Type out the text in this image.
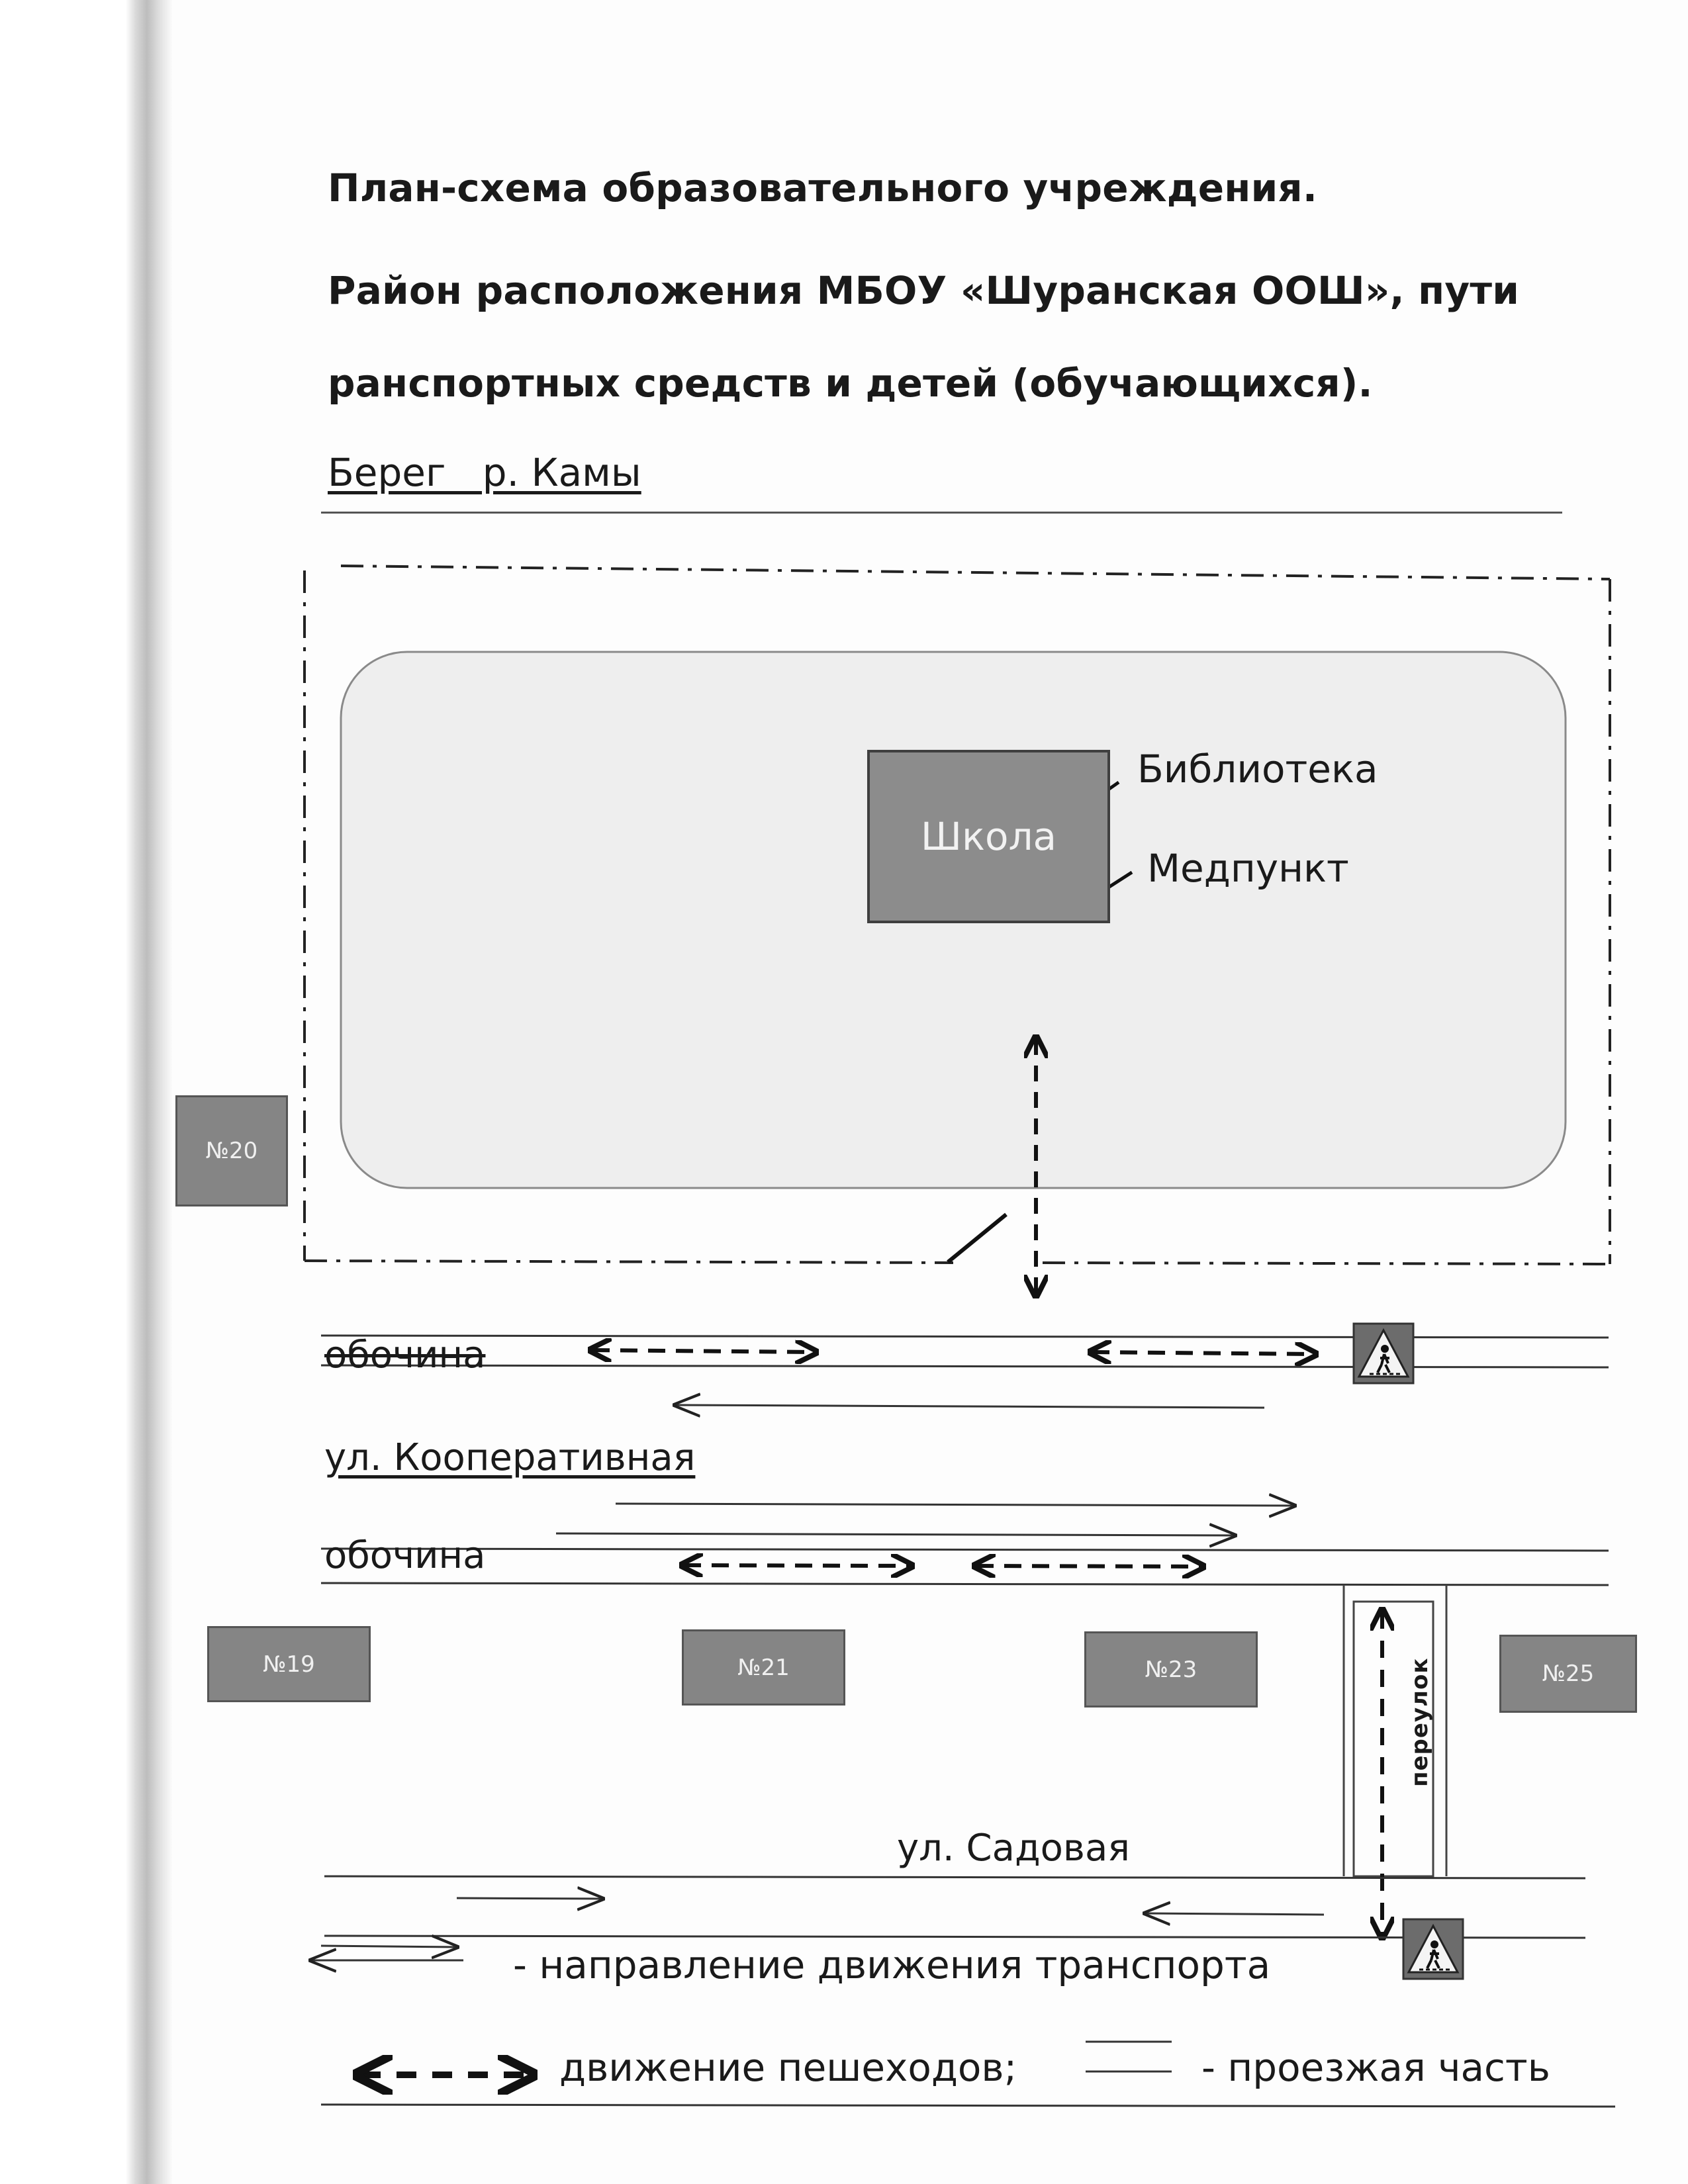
План-схема образовательного учреждения.
Район расположения МБОУ «Шуранская ООШ», пути
ранспортных средств и детей (обучающихся).
Берег   р. Камы
Школа
Библиотека
Медпункт
№20
№19	№21	№23	№25
обочина
ул. Кооперативная
обочина
ул. Садовая
переулок
- направление движения транспорта
движение пешеходов;	- проезжая часть
